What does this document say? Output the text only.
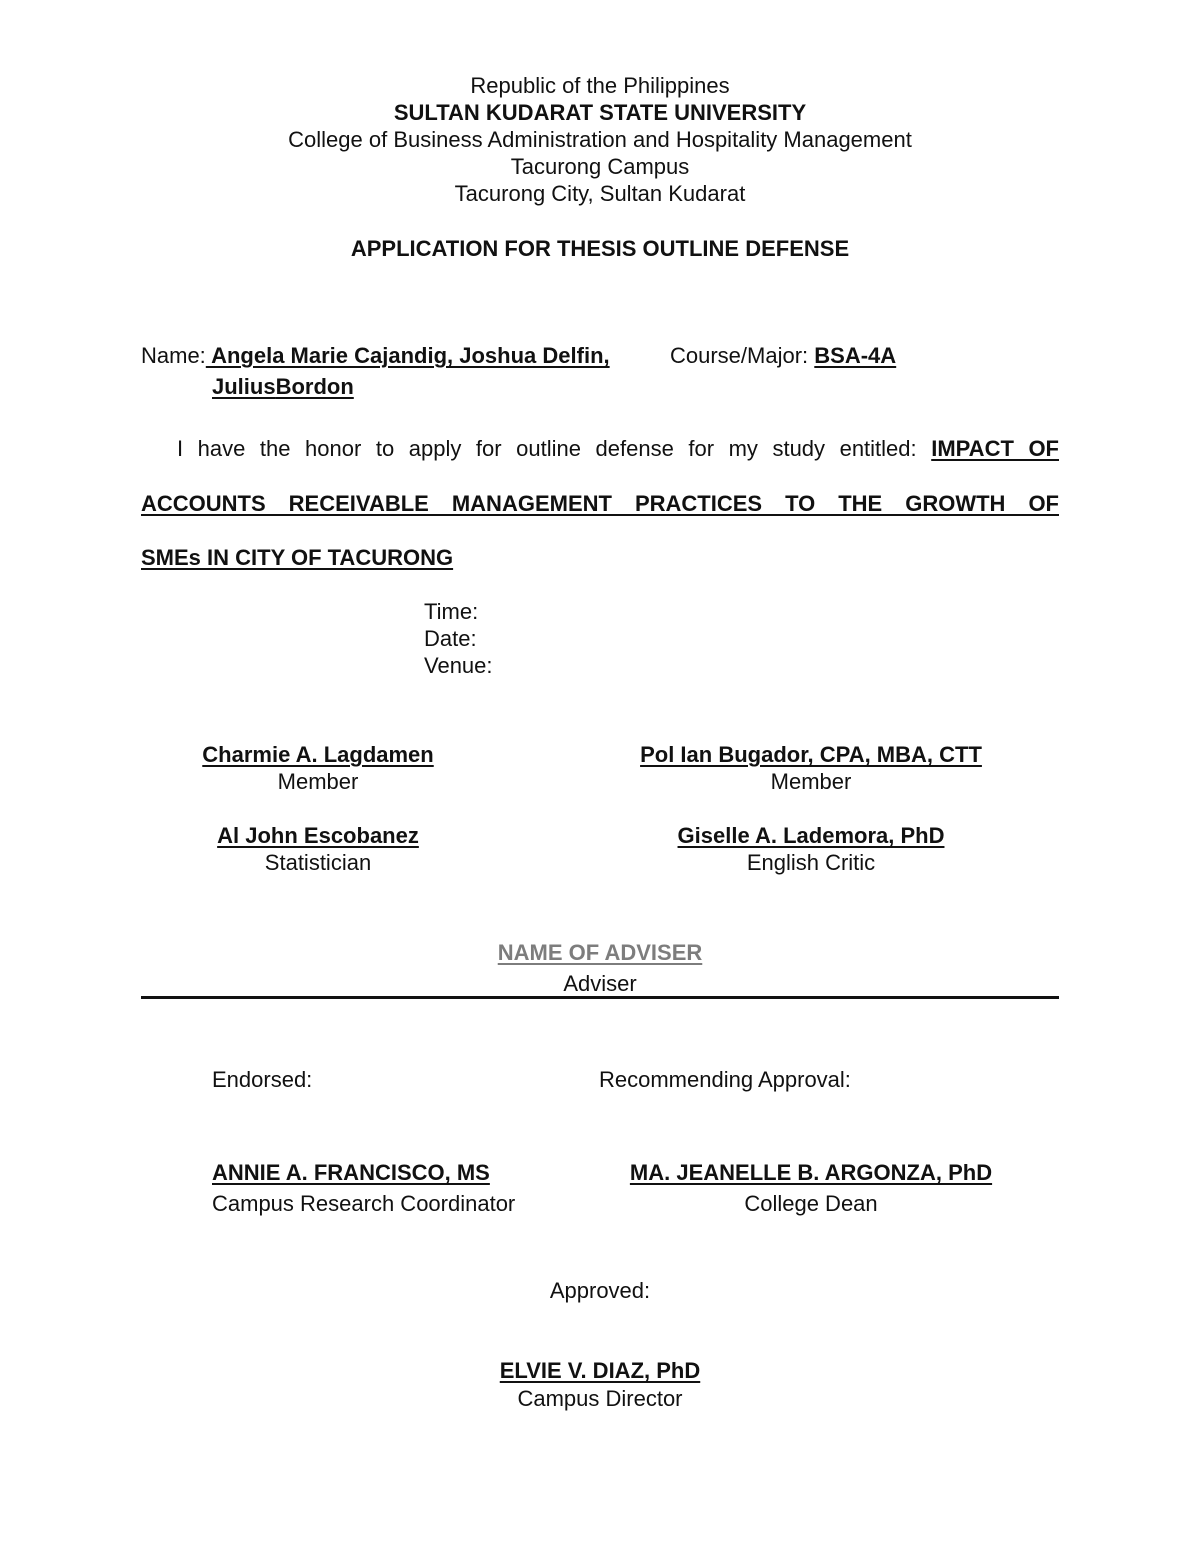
Republic of the Philippines
SULTAN KUDARAT STATE UNIVERSITY
College of Business Administration and Hospitality Management
Tacurong Campus
Tacurong City, Sultan Kudarat
APPLICATION FOR THESIS OUTLINE DEFENSE
Name: Angela Marie Cajandig, Joshua Delfin,	Course/Major: BSA-4A
JuliusBordon
I have the honor to apply for outline defense for my study entitled: IMPACT OF
ACCOUNTS RECEIVABLE MANAGEMENT PRACTICES TO THE GROWTH OF
SMEs IN CITY OF TACURONG
Time:
Date:
Venue:
Charmie A. Lagdamen
Member
Pol Ian Bugador, CPA, MBA, CTT
Member
Al John Escobanez
Statistician
Giselle A. Lademora, PhD
English Critic
NAME OF ADVISER
Adviser
Endorsed:	Recommending Approval:
ANNIE A. FRANCISCO, MS
Campus Research Coordinator
MA. JEANELLE B. ARGONZA, PhD
College Dean
Approved:
ELVIE V. DIAZ, PhD
Campus Director
